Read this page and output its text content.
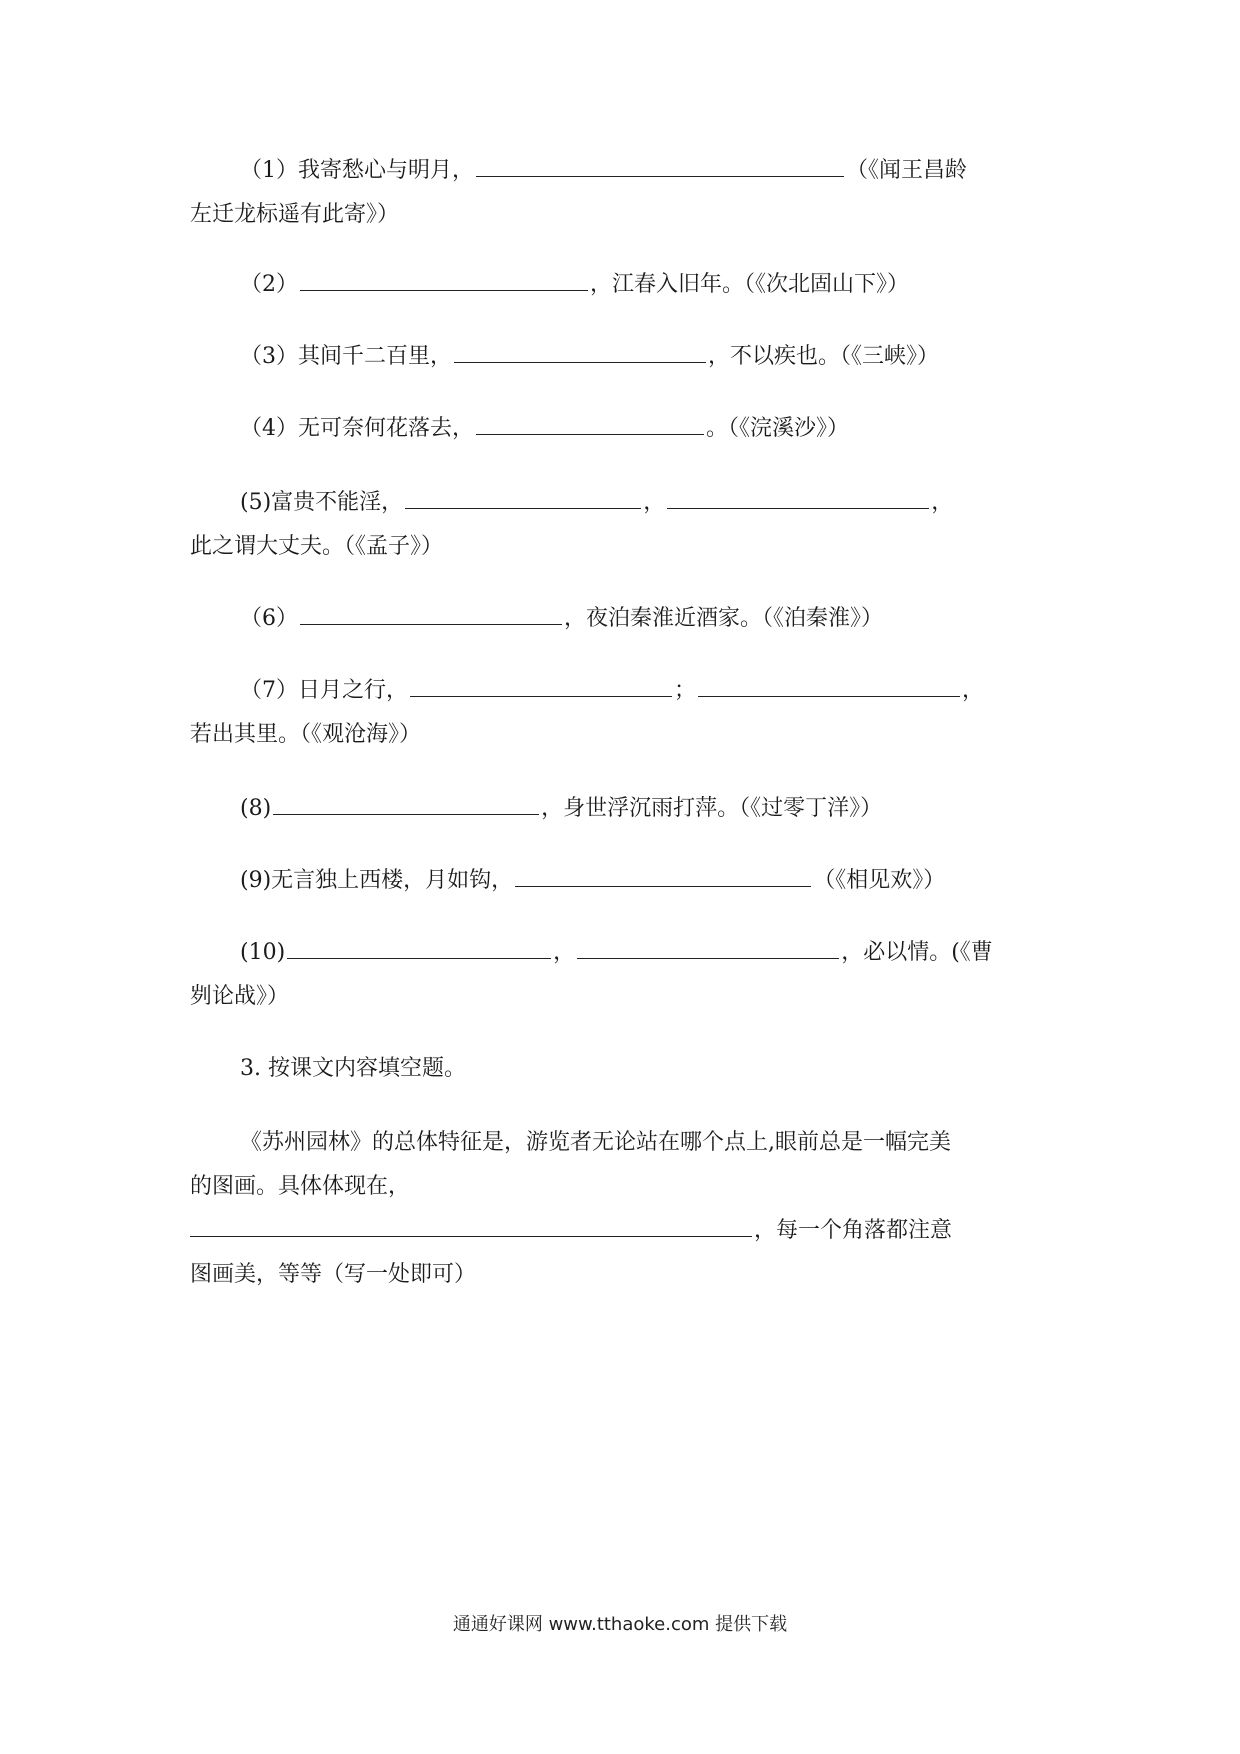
（1）我寄愁心与明月，	（《闻王昌龄
左迁龙标遥有此寄》）
（2）	，江春入旧年。（《次北固山下》）
（3）其间千二百里，	，不以疾也。（《三峡》）
（4）无可奈何花落去，	。（《浣溪沙》）
(5)富贵不能淫，	，	，
此之谓大丈夫。（《孟子》）
（6）	，夜泊秦淮近酒家。（《泊秦淮》）
（7）日月之行，	；	，
若出其里。（《观沧海》）
(8)	，身世浮沉雨打萍。（《过零丁洋》）
(9)无言独上西楼，月如钩，	（《相见欢》）
(10)	，	，必以情。(《曹
刿论战》）
3. 按课文内容填空题。
《苏州园林》的总体特征是，游览者无论站在哪个点上,眼前总是一幅完美
的图画。具体体现在，
，每一个角落都注意
图画美，等等（写一处即可）
通通好课网 www.tthaoke.com 提供下载
